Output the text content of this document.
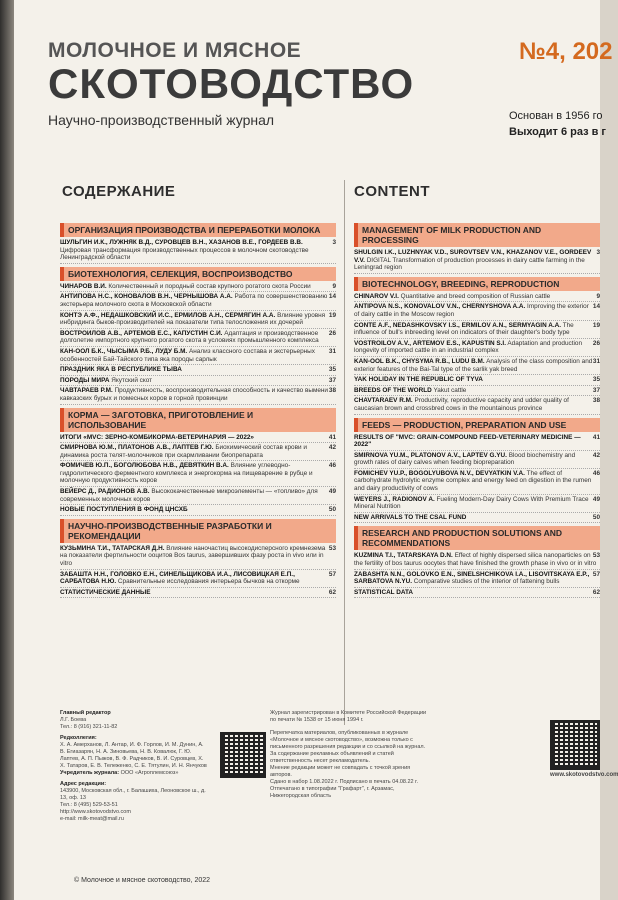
МОЛОЧНОЕ И МЯСНОЕ
СКОТОВОДСТВО
Научно-производственный журнал
№4, 202
Основан в 1956 го
Выходит 6 раз в г
СОДЕРЖАНИЕ	CONTENT
ОРГАНИЗАЦИЯ ПРОИЗВОДСТВА И ПЕРЕРАБОТКИ МОЛОКА
3
ШУЛЬГИН И.К., ЛУЖНЯК В.Д., СУРОВЦЕВ В.Н., ХАЗАНОВ В.Е., ГОРДЕЕВ В.В. Цифровая трансформация производственных процессов в молочном скотоводстве Ленинградской области
БИОТЕХНОЛОГИЯ, СЕЛЕКЦИЯ, ВОСПРОИЗВОДСТВО
9
ЧИНАРОВ В.И. Количественный и породный состав крупного рогатого скота России
14
АНТИПОВА Н.С., КОНОВАЛОВ В.Н., ЧЕРНЫШОВА А.А. Работа по совершенствованию экстерьера молочного скота в Московской области
19
КОНТЭ А.Ф., НЕДАШКОВСКИЙ И.С., ЕРМИЛОВ А.Н., СЕРМЯГИН А.А. Влияние уровня инбридинга быков-производителей на показатели типа телосложения их дочерей
26
ВОСТРОИЛОВ А.В., АРТЕМОВ Е.С., КАПУСТИН С.И. Адаптация и производственное долголетие импортного крупного рогатого скота в условиях промышленного комплекса
31
КАН-ООЛ Б.К., ЧЫСЫМА Р.Б., ЛУДУ Б.М. Анализ классного состава и экстерьерных особенностей Бай-Тайского типа яка породы сарлык
35
ПРАЗДНИК ЯКА В РЕСПУБЛИКЕ ТЫВА
37
ПОРОДЫ МИРА Якутский скот
38
ЧАВТАРАЕВ Р.М. Продуктивность, воспроизводительная способность и качество вымени кавказских бурых и помесных коров в горной провинции
КОРМА — ЗАГОТОВКА, ПРИГОТОВЛЕНИЕ И ИСПОЛЬЗОВАНИЕ
41
ИТОГИ «MVC: ЗЕРНО-КОМБИКОРМА-ВЕТЕРИНАРИЯ — 2022»
42
СМИРНОВА Ю.М., ПЛАТОНОВ А.В., ЛАПТЕВ Г.Ю. Биохимический состав крови и динамика роста телят-молочников при скармливании биопрепарата
46
ФОМИЧЕВ Ю.П., БОГОЛЮБОВА Н.В., ДЕВЯТКИН В.А. Влияние углеводно-гидролитического ферментного комплекса и энергокорма на пищеварение в рубце и молочную продуктивность коров
49
ВЕЙЕРС Д., РАДИОНОВ А.В. Высококачественные микроэлементы — «топливо» для современных молочных коров
50
НОВЫЕ ПОСТУПЛЕНИЯ В ФОНД ЦНСХБ
НАУЧНО-ПРОИЗВОДСТВЕННЫЕ РАЗРАБОТКИ И РЕКОМЕНДАЦИИ
53
КУЗЬМИНА Т.И., ТАТАРСКАЯ Д.Н. Влияние наночастиц высокодисперсного кремнезема на показатели фертильности ооцитов Bos taurus, завершивших фазу роста in vivo или in vitro
57
ЗАБАШТА Н.Н., ГОЛОВКО Е.Н., СИНЕЛЬЩИКОВА И.А., ЛИСОВИЦКАЯ Е.П., САРБАТОВА Н.Ю. Сравнительные исследования интерьера бычков на откорме
62
СТАТИСТИЧЕСКИЕ ДАННЫЕ
MANAGEMENT OF MILK PRODUCTION AND PROCESSING
3
SHULGIN I.K., LUZHNYAK V.D., SUROVTSEV V.N., KHAZANOV V.E., GORDEEV V.V. DIGITAL Transformation of production processes in dairy cattle farming in the Leningrad region
BIOTECHNOLOGY, BREEDING, REPRODUCTION
9
CHINAROV V.I. Quantitative and breed composition of Russian cattle
14
ANTIPOVA N.S., KONOVALOV V.N., CHERNYSHOVA A.A. Improving the exterior of dairy cattle in the Moscow region
19
CONTE A.F., NEDASHKOVSKY I.S., ERMILOV A.N., SERMYAGIN A.A. The influence of bull's inbreeding level on indicators of their daughter's body type
26
VOSTROILOV A.V., ARTEMOV E.S., KAPUSTIN S.I. Adaptation and production longevity of imported cattle in an industrial complex
31
KAN-OOL B.K., CHYSYMA R.B., LUDU B.M. Analysis of the class composition and exterior features of the Bai-Tal type of the sarlik yak breed
35
YAK HOLIDAY IN THE REPUBLIC OF TYVA
37
BREEDS OF THE WORLD Yakut cattle
38
CHAVTARAEV R.M. Productivity, reproductive capacity and udder quality of caucasian brown and crossbred cows in the mountainous province
FEEDS — PRODUCTION, PREPARATION AND USE
41
RESULTS OF "MVC: GRAIN-COMPOUND FEED-VETERINARY MEDICINE — 2022"
42
SMIRNOVA YU.M., PLATONOV A.V., LAPTEV G.YU. Blood biochemistry and growth rates of dairy calves when feeding biopreparation
46
FOMICHEV YU.P., BOGOLYUBOVA N.V., DEVYATKIN V.A. The effect of carbohydrate hydrolytic enzyme complex and energy feed on digestion in the rumen and dairy productivity of cows
49
WEYERS J., RADIONOV A. Fueling Modern-Day Dairy Cows With Premium Trace Mineral Nutrition
50
NEW ARRIVALS TO THE CSAL FUND
RESEARCH AND PRODUCTION SOLUTIONS AND RECOMMENDATIONS
53
KUZMINA T.I., TATARSKAYA D.N. Effect of highly dispersed silica nanoparticles on the fertility of bos taurus oocytes that have finished the growth phase in vivo or in vitro
57
ZABASHTA N.N., GOLOVKO E.N., SINELSHCHIKOVA I.A., LISOVITSKAYA E.P., SARBATOVA N.YU. Comparative studies of the interior of fattening bulls
62
STATISTICAL DATA
Главный редактор
Л.Г. Боева
Тел.: 8 (916) 321-11-82
Редколлегия:
Х. А. Амерханов, Л. Антар, И. Ф. Горлов, И. М. Дунин, А. В. Егиазарян, Н. А. Зиновьева, Н. В. Ковалюк, Г. Ю. Лаптев, А. П. Пыжов, В. Ф. Радчиков, В. И. Суровцев, Х. Х. Татаров, Е. В. Тележенко, С. Е. Тятулин, И. Н. Янчуков
Учредитель журнала: ООО «Агроплемсоюз»
Адрес редакции:
143900, Московская обл., г. Балашиха, Леоновское ш., д. 13, оф. 13
Тел.: 8 (495) 529-53-51
http://www.skotovodstvo.com
e-mail: milk-meat@mail.ru
Журнал зарегистрирован в Комитете Российской Федерации по печати № 1538 от 15 июня 1994 г.
Перепечатка материалов, опубликованных в журнале «Молочное и мясное скотоводство», возможна только с письменного разрешения редакции и со ссылкой на журнал.
За содержание рекламных объявлений и статей ответственность несет рекламодатель.
Мнение редакции может не совпадать с точкой зрения авторов.
Сдано в набор 1.08.2022 г. Подписано в печать 04.08.22 г.
Отпечатано в типографии "Графарт", г. Арзамас, Нижегородская область
www.skotovodstvo.com
© Молочное и мясное скотоводство, 2022
